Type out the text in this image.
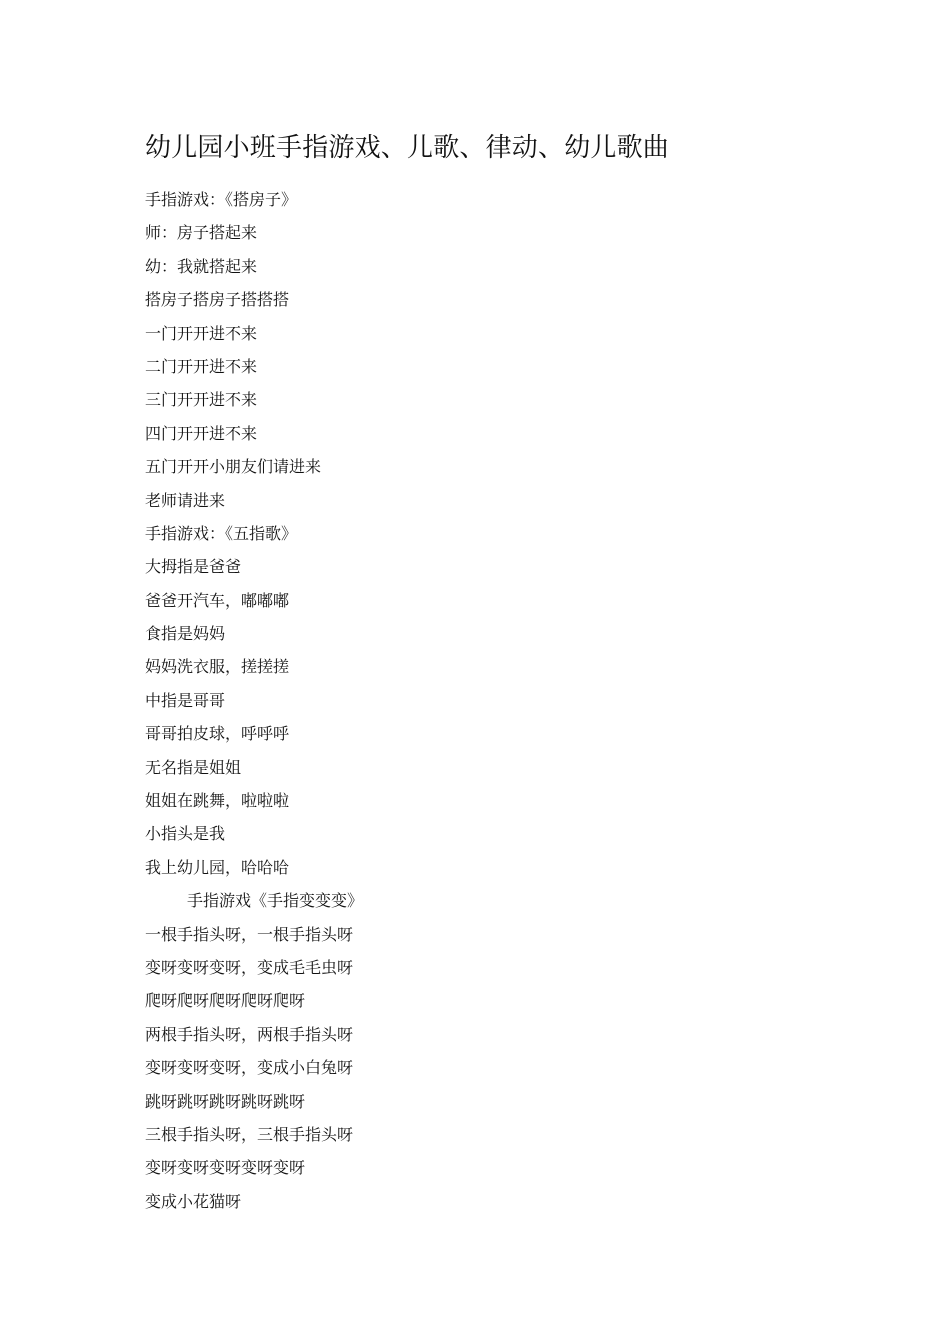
幼儿园小班手指游戏、儿歌、律动、幼儿歌曲
手指游戏：《搭房子》
师：房子搭起来
幼：我就搭起来
搭房子搭房子搭搭搭
一门开开进不来
二门开开进不来
三门开开进不来
四门开开进不来
五门开开小朋友们请进来
老师请进来
手指游戏：《五指歌》
大拇指是爸爸
爸爸开汽车，嘟嘟嘟
食指是妈妈
妈妈洗衣服，搓搓搓
中指是哥哥
哥哥拍皮球，呼呼呼
无名指是姐姐
姐姐在跳舞，啦啦啦
小指头是我
我上幼儿园，哈哈哈
手指游戏《手指变变变》
一根手指头呀，一根手指头呀
变呀变呀变呀，变成毛毛虫呀
爬呀爬呀爬呀爬呀爬呀
两根手指头呀，两根手指头呀
变呀变呀变呀，变成小白兔呀
跳呀跳呀跳呀跳呀跳呀
三根手指头呀，三根手指头呀
变呀变呀变呀变呀变呀
变成小花猫呀
